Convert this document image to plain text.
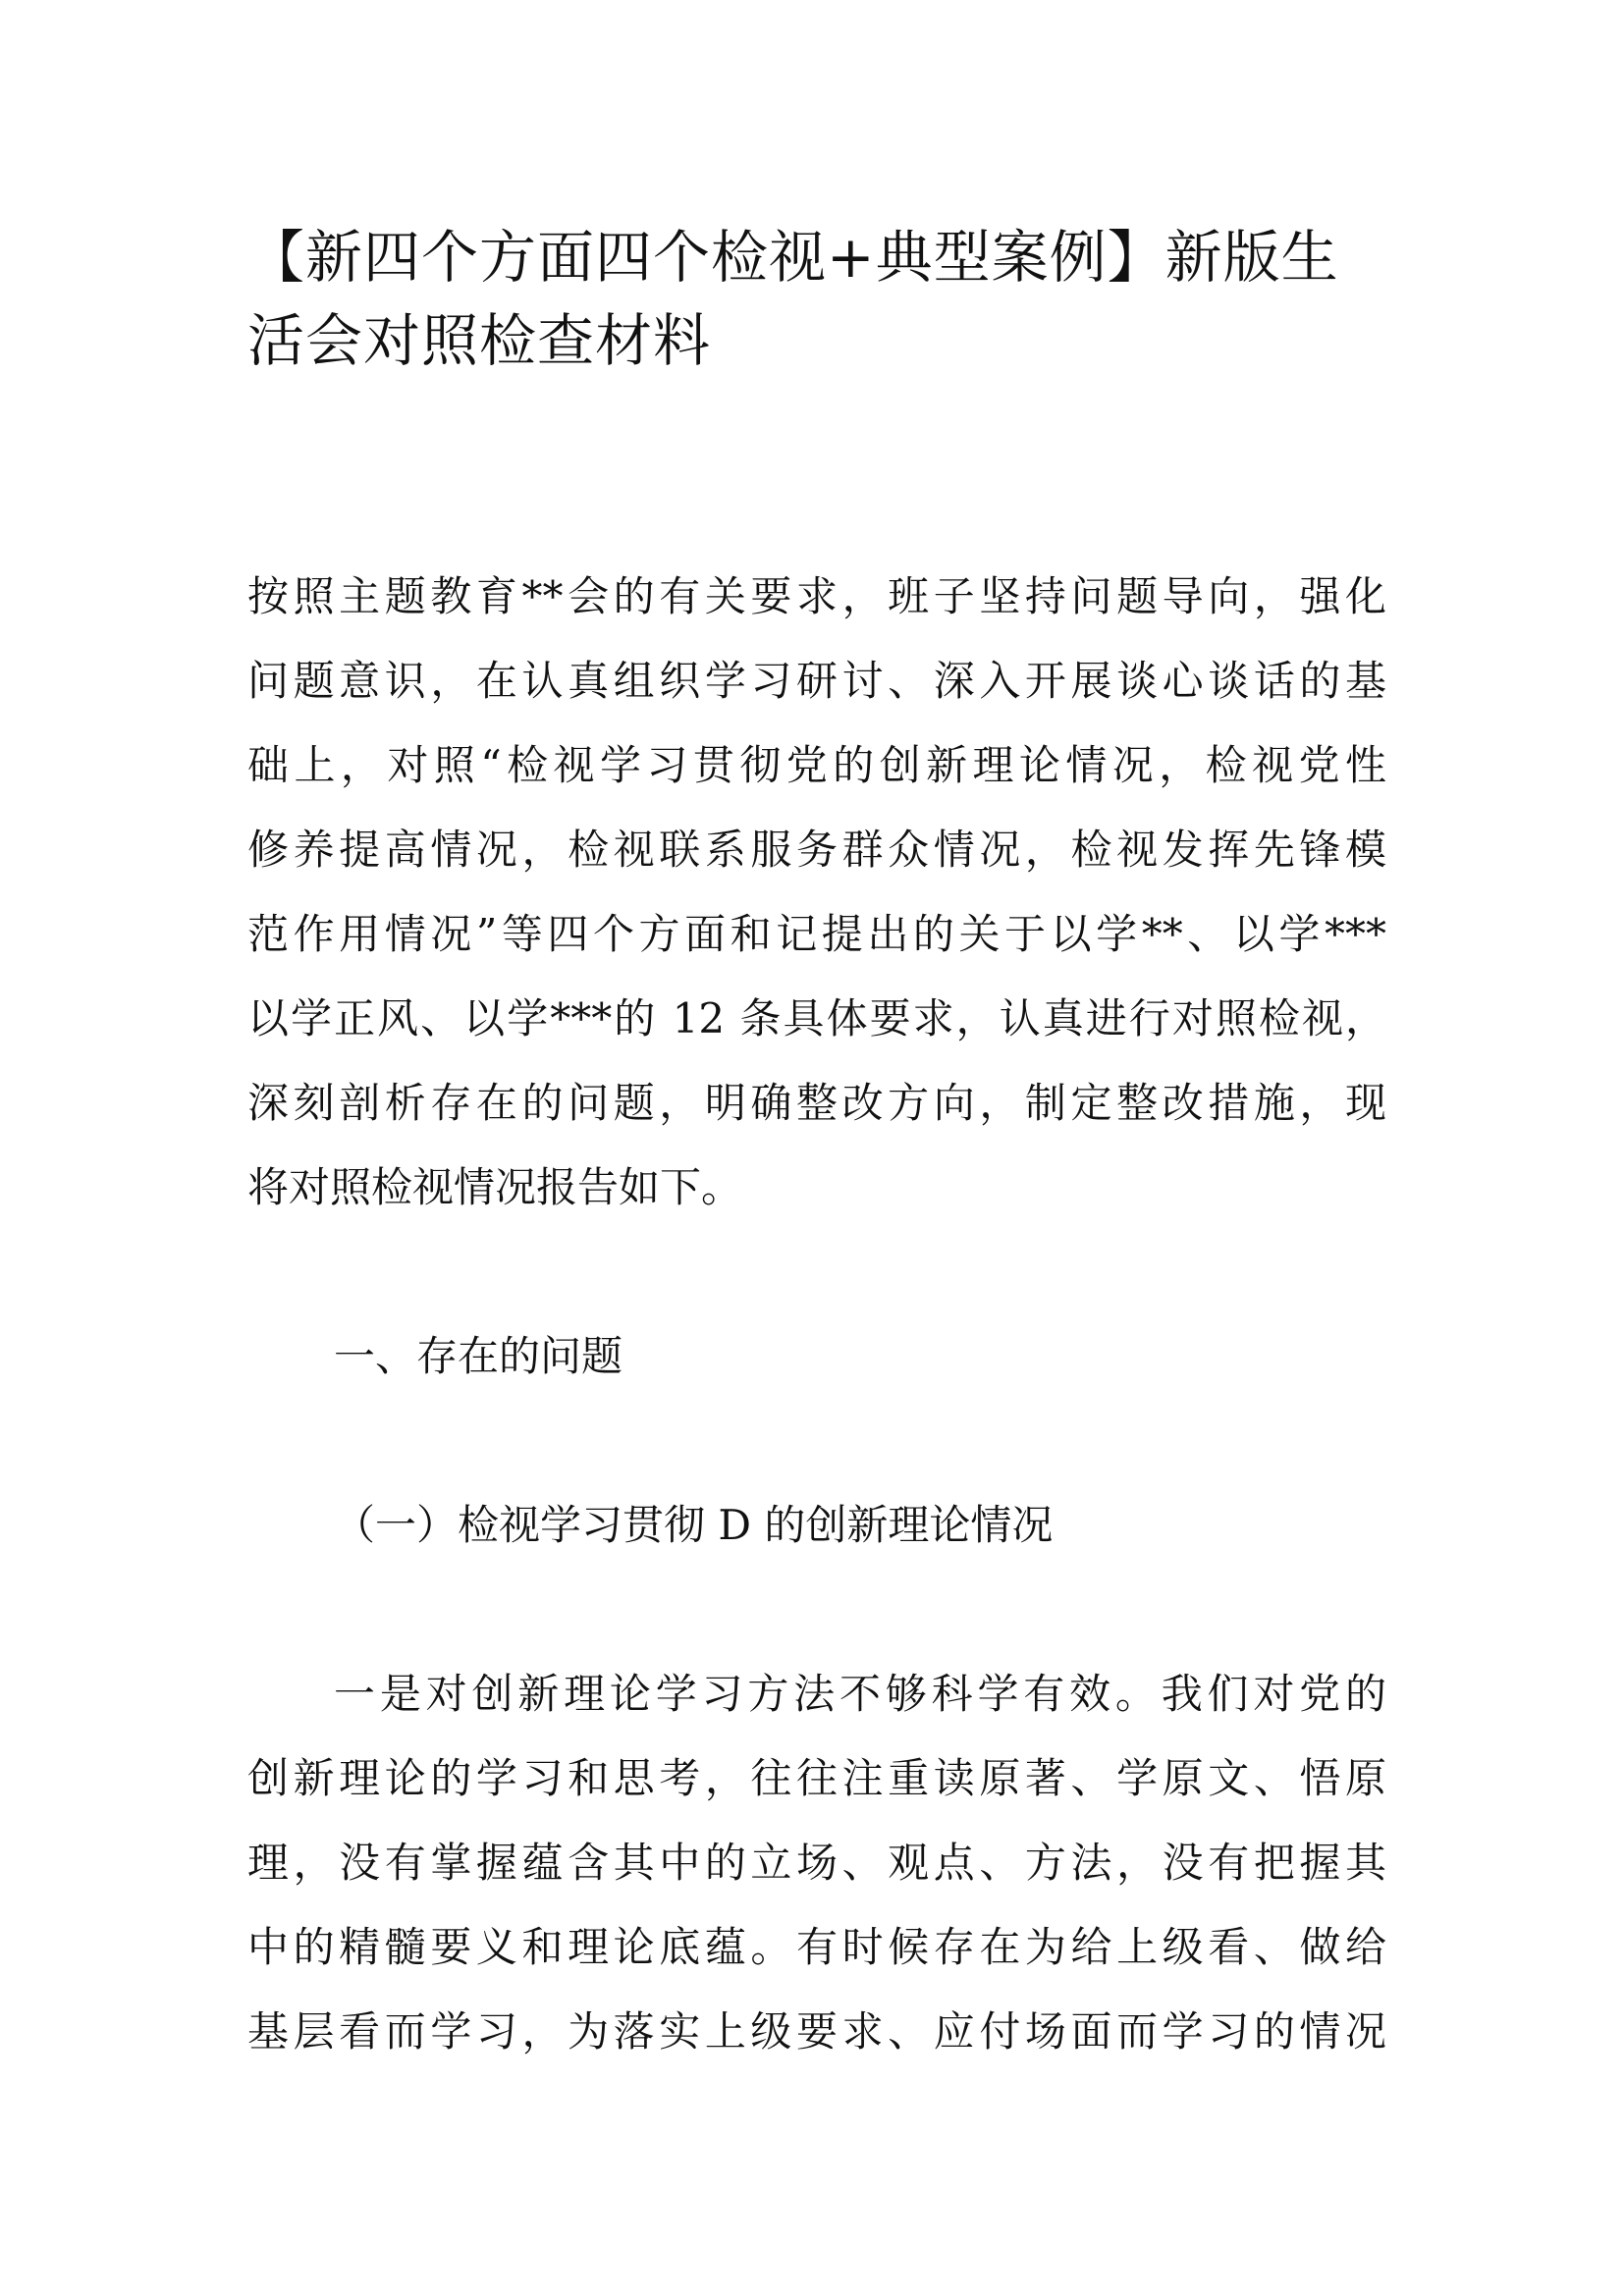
【新四个方面四个检视+典型案例】新版生活会对照检查材料

按照主题教育**会的有关要求，班子坚持问题导向，强化

问题意识，在认真组织学习研讨、深入开展谈心谈话的基

础上，对照“检视学习贯彻党的创新理论情况，检视党性

修养提高情况，检视联系服务群众情况，检视发挥先锋模

范作用情况”等四个方面和记提出的关于以学**、以学***

以学正风、以学***的 12 条具体要求，认真进行对照检视，

深刻剖析存在的问题，明确整改方向，制定整改措施，现

将对照检视情况报告如下。

一、存在的问题

（一）检视学习贯彻 D 的创新理论情况

一是对创新理论学习方法不够科学有效。我们对党的

创新理论的学习和思考，往往注重读原著、学原文、悟原

理，没有掌握蕴含其中的立场、观点、方法，没有把握其

中的精髓要义和理论底蕴。有时候存在为给上级看、做给

基层看而学习，为落实上级要求、应付场面而学习的情况
